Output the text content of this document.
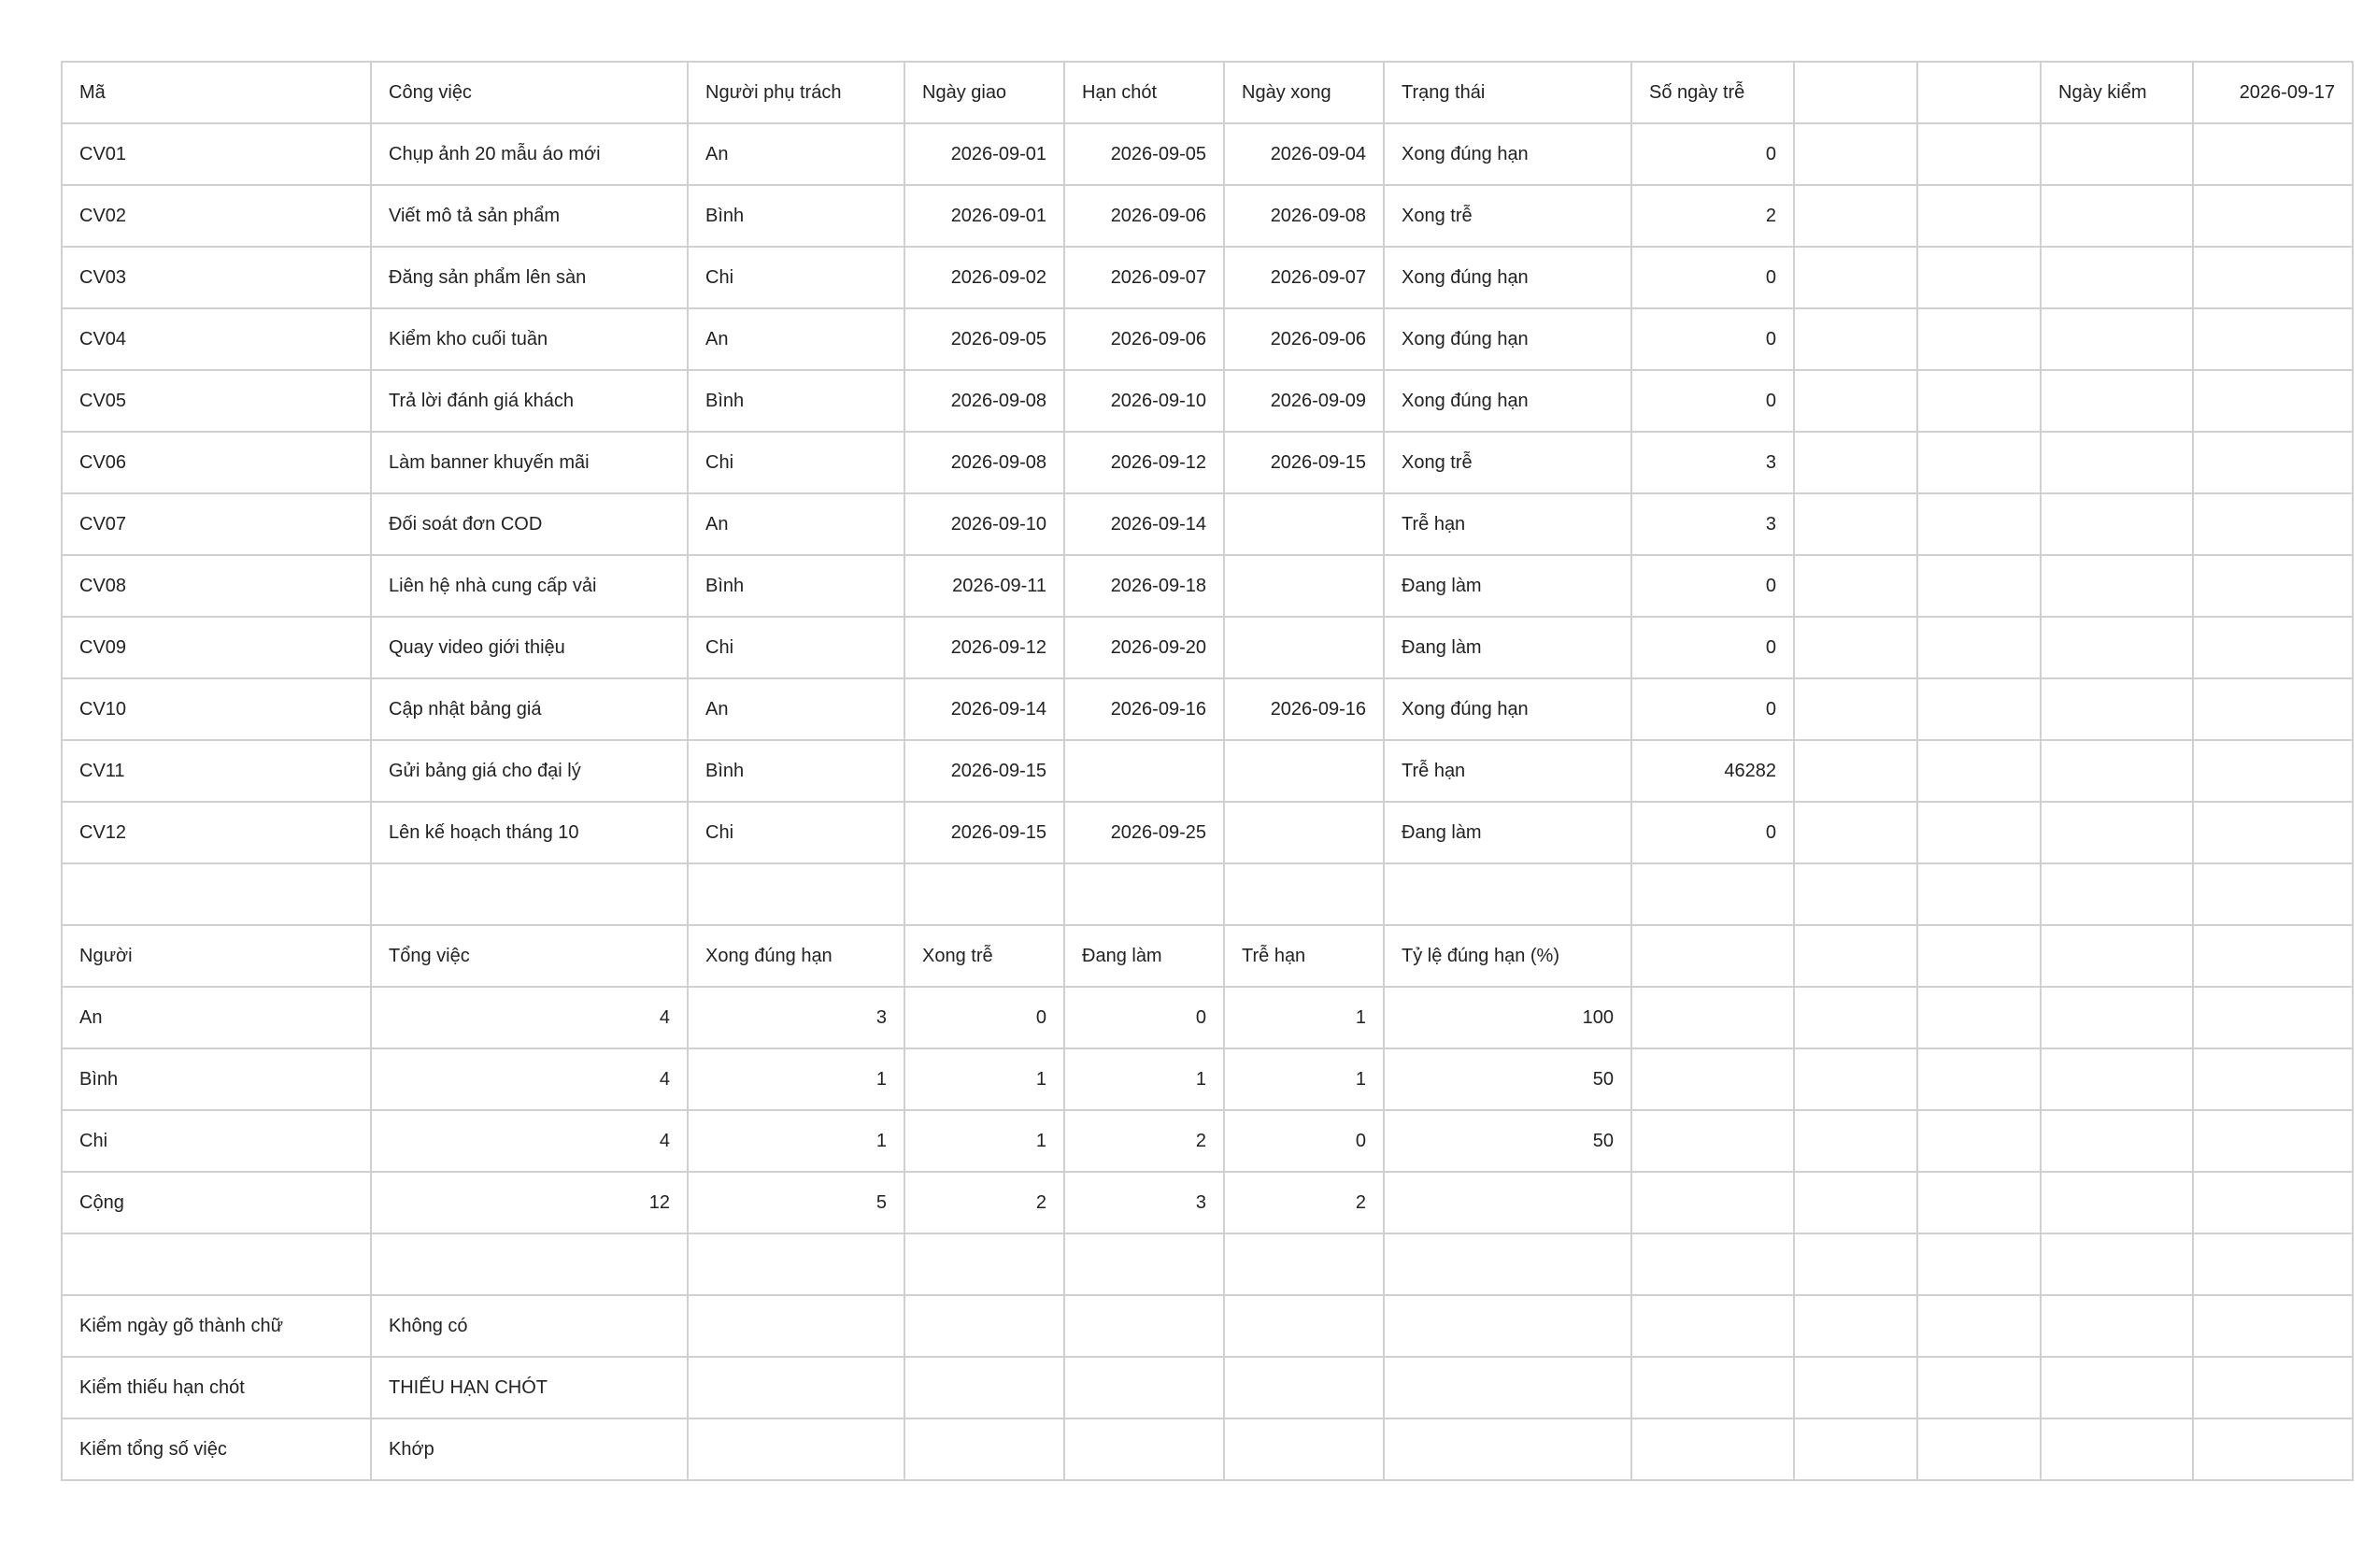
Mã	Công việc	Người phụ trách	Ngày giao	Hạn chót	Ngày xong	Trạng thái	Số ngày trễ			Ngày kiểm	2026-09-17
CV01	Chụp ảnh 20 mẫu áo mới	An	2026-09-01	2026-09-05	2026-09-04	Xong đúng hạn	0				
CV02	Viết mô tả sản phẩm	Bình	2026-09-01	2026-09-06	2026-09-08	Xong trễ	2				
CV03	Đăng sản phẩm lên sàn	Chi	2026-09-02	2026-09-07	2026-09-07	Xong đúng hạn	0				
CV04	Kiểm kho cuối tuần	An	2026-09-05	2026-09-06	2026-09-06	Xong đúng hạn	0				
CV05	Trả lời đánh giá khách	Bình	2026-09-08	2026-09-10	2026-09-09	Xong đúng hạn	0				
CV06	Làm banner khuyến mãi	Chi	2026-09-08	2026-09-12	2026-09-15	Xong trễ	3				
CV07	Đối soát đơn COD	An	2026-09-10	2026-09-14		Trễ hạn	3				
CV08	Liên hệ nhà cung cấp vải	Bình	2026-09-11	2026-09-18		Đang làm	0				
CV09	Quay video giới thiệu	Chi	2026-09-12	2026-09-20		Đang làm	0				
CV10	Cập nhật bảng giá	An	2026-09-14	2026-09-16	2026-09-16	Xong đúng hạn	0				
CV11	Gửi bảng giá cho đại lý	Bình	2026-09-15			Trễ hạn	46282				
CV12	Lên kế hoạch tháng 10	Chi	2026-09-15	2026-09-25		Đang làm	0				

Người	Tổng việc	Xong đúng hạn	Xong trễ	Đang làm	Trễ hạn	Tỷ lệ đúng hạn (%)					
An	4	3	0	0	1	100					
Bình	4	1	1	1	1	50					
Chi	4	1	1	2	0	50					
Cộng	12	5	2	3	2						

Kiểm ngày gõ thành chữ	Không có										
Kiểm thiếu hạn chót	THIẾU HẠN CHÓT										
Kiểm tổng số việc	Khớp										
